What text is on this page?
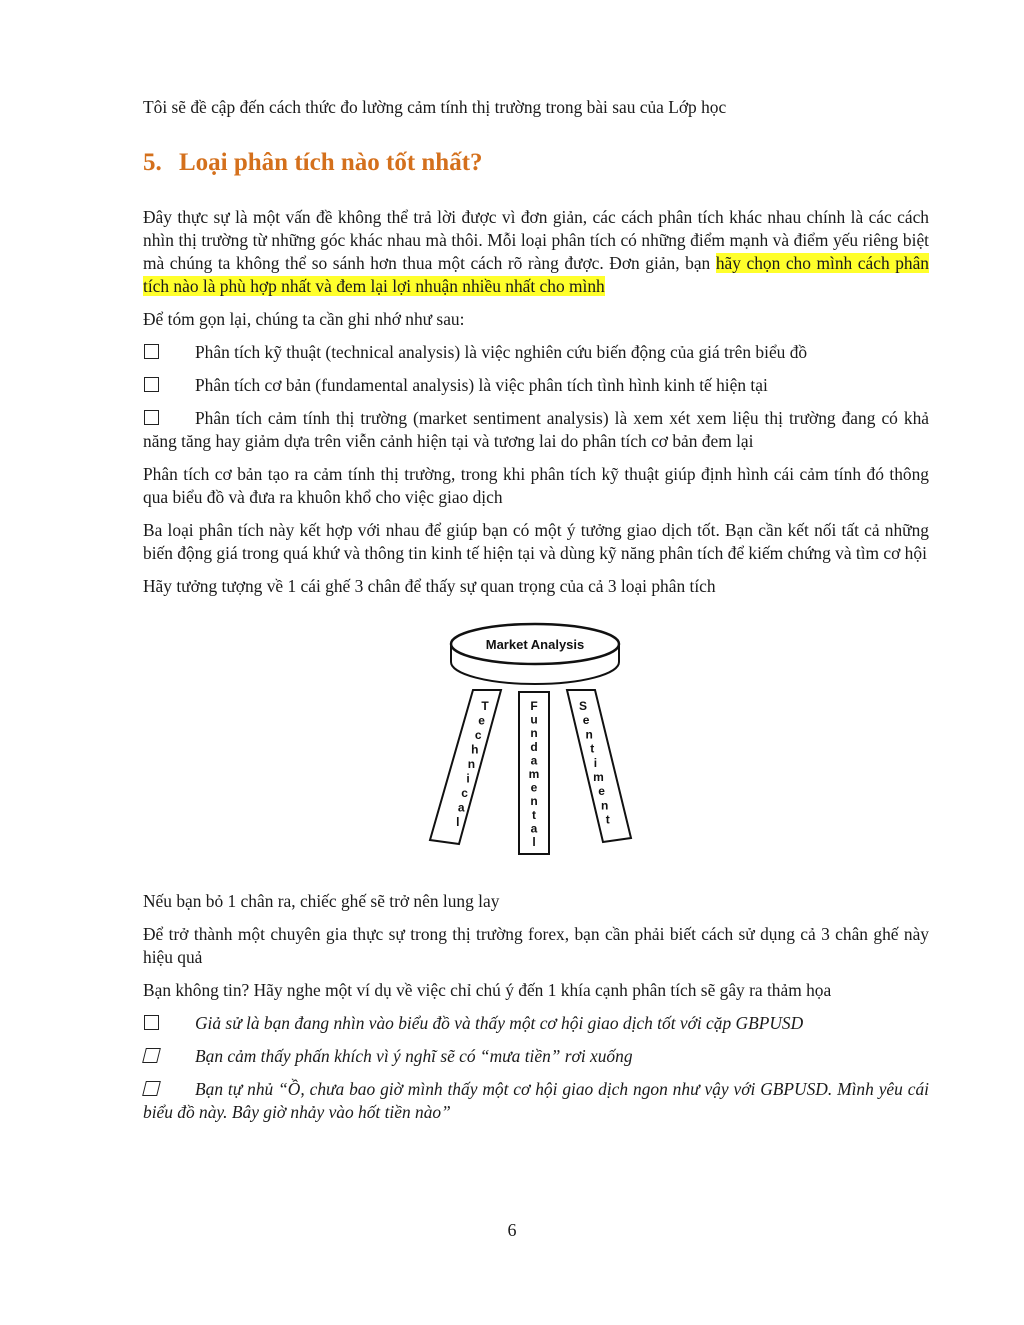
Tôi sẽ đề cập đến cách thức đo lường cảm tính thị trường trong bài sau của Lớp học

5. Loại phân tích nào tốt nhất?

Đây thực sự là một vấn đề không thể trả lời được vì đơn giản, các cách phân tích khác nhau chính là các cách nhìn thị trường từ những góc khác nhau mà thôi. Mỗi loại phân tích có những điểm mạnh và điểm yếu riêng biệt mà chúng ta không thể so sánh hơn thua một cách rõ ràng được. Đơn giản, bạn hãy chọn cho mình cách phân tích nào là phù hợp nhất và đem lại lợi nhuận nhiều nhất cho mình

Để tóm gọn lại, chúng ta cần ghi nhớ như sau:

Phân tích kỹ thuật (technical analysis) là việc nghiên cứu biến động của giá trên biểu đồ

Phân tích cơ bản (fundamental analysis) là việc phân tích tình hình kinh tế hiện tại

Phân tích cảm tính thị trường (market sentiment analysis) là xem xét xem liệu thị trường đang có khả năng tăng hay giảm dựa trên viễn cảnh hiện tại và tương lai do phân tích cơ bản đem lại

Phân tích cơ bản tạo ra cảm tính thị trường, trong khi phân tích kỹ thuật giúp định hình cái cảm tính đó thông qua biểu đồ và đưa ra khuôn khổ cho việc giao dịch

Ba loại phân tích này kết hợp với nhau để giúp bạn có một ý tưởng giao dịch tốt. Bạn cần kết nối tất cả những biến động giá trong quá khứ và thông tin kinh tế hiện tại và dùng kỹ năng phân tích để kiếm chứng và tìm cơ hội

Hãy tưởng tượng về 1 cái ghế 3 chân để thấy sự quan trọng của cả 3 loại phân tích

Market Analysis
T e c h n i c a l
F u n d a m e n t a l
S e n ti m e n t

Nếu bạn bỏ 1 chân ra, chiếc ghế sẽ trở nên lung lay

Để trở thành một chuyên gia thực sự trong thị trường forex, bạn cần phải biết cách sử dụng cả 3 chân ghế này hiệu quả

Bạn không tin? Hãy nghe một ví dụ về việc chỉ chú ý đến 1 khía cạnh phân tích sẽ gây ra thảm họa

Giả sử là bạn đang nhìn vào biểu đồ và thấy một cơ hội giao dịch tốt với cặp GBPUSD

Bạn cảm thấy phấn khích vì ý nghĩ sẽ có “mưa tiền” rơi xuống

Bạn tự nhủ “Ồ, chưa bao giờ mình thấy một cơ hội giao dịch ngon như vậy với GBPUSD. Mình yêu cái biểu đồ này. Bây giờ nhảy vào hốt tiền nào”

6
